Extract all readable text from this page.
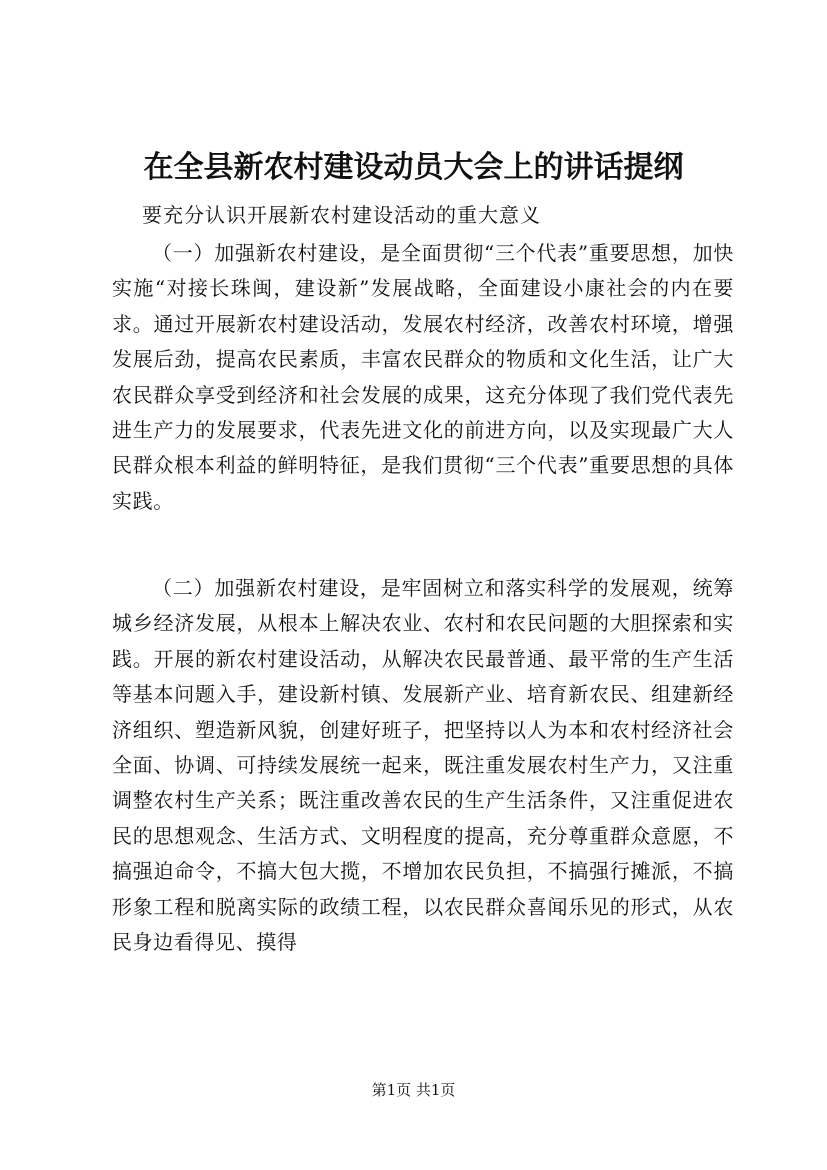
在全县新农村建设动员大会上的讲话提纲
要充分认识开展新农村建设活动的重大意义
（一）加强新农村建设，是全面贯彻“三个代表”重要思想，加快实施“对接长珠闽，建设新”发展战略，全面建设小康社会的内在要求。通过开展新农村建设活动，发展农村经济，改善农村环境，增强发展后劲，提高农民素质，丰富农民群众的物质和文化生活，让广大农民群众享受到经济和社会发展的成果，这充分体现了我们党代表先进生产力的发展要求，代表先进文化的前进方向，以及实现最广大人民群众根本利益的鲜明特征，是我们贯彻“三个代表”重要思想的具体实践。
（二）加强新农村建设，是牢固树立和落实科学的发展观，统筹城乡经济发展，从根本上解决农业、农村和农民问题的大胆探索和实践。开展的新农村建设活动，从解决农民最普通、最平常的生产生活等基本问题入手，建设新村镇、发展新产业、培育新农民、组建新经济组织、塑造新风貌，创建好班子，把坚持以人为本和农村经济社会全面、协调、可持续发展统一起来，既注重发展农村生产力，又注重调整农村生产关系；既注重改善农民的生产生活条件，又注重促进农民的思想观念、生活方式、文明程度的提高，充分尊重群众意愿，不搞强迫命令，不搞大包大揽，不增加农民负担，不搞强行摊派，不搞形象工程和脱离实际的政绩工程，以农民群众喜闻乐见的形式，从农民身边看得见、摸得
第1页 共1页
